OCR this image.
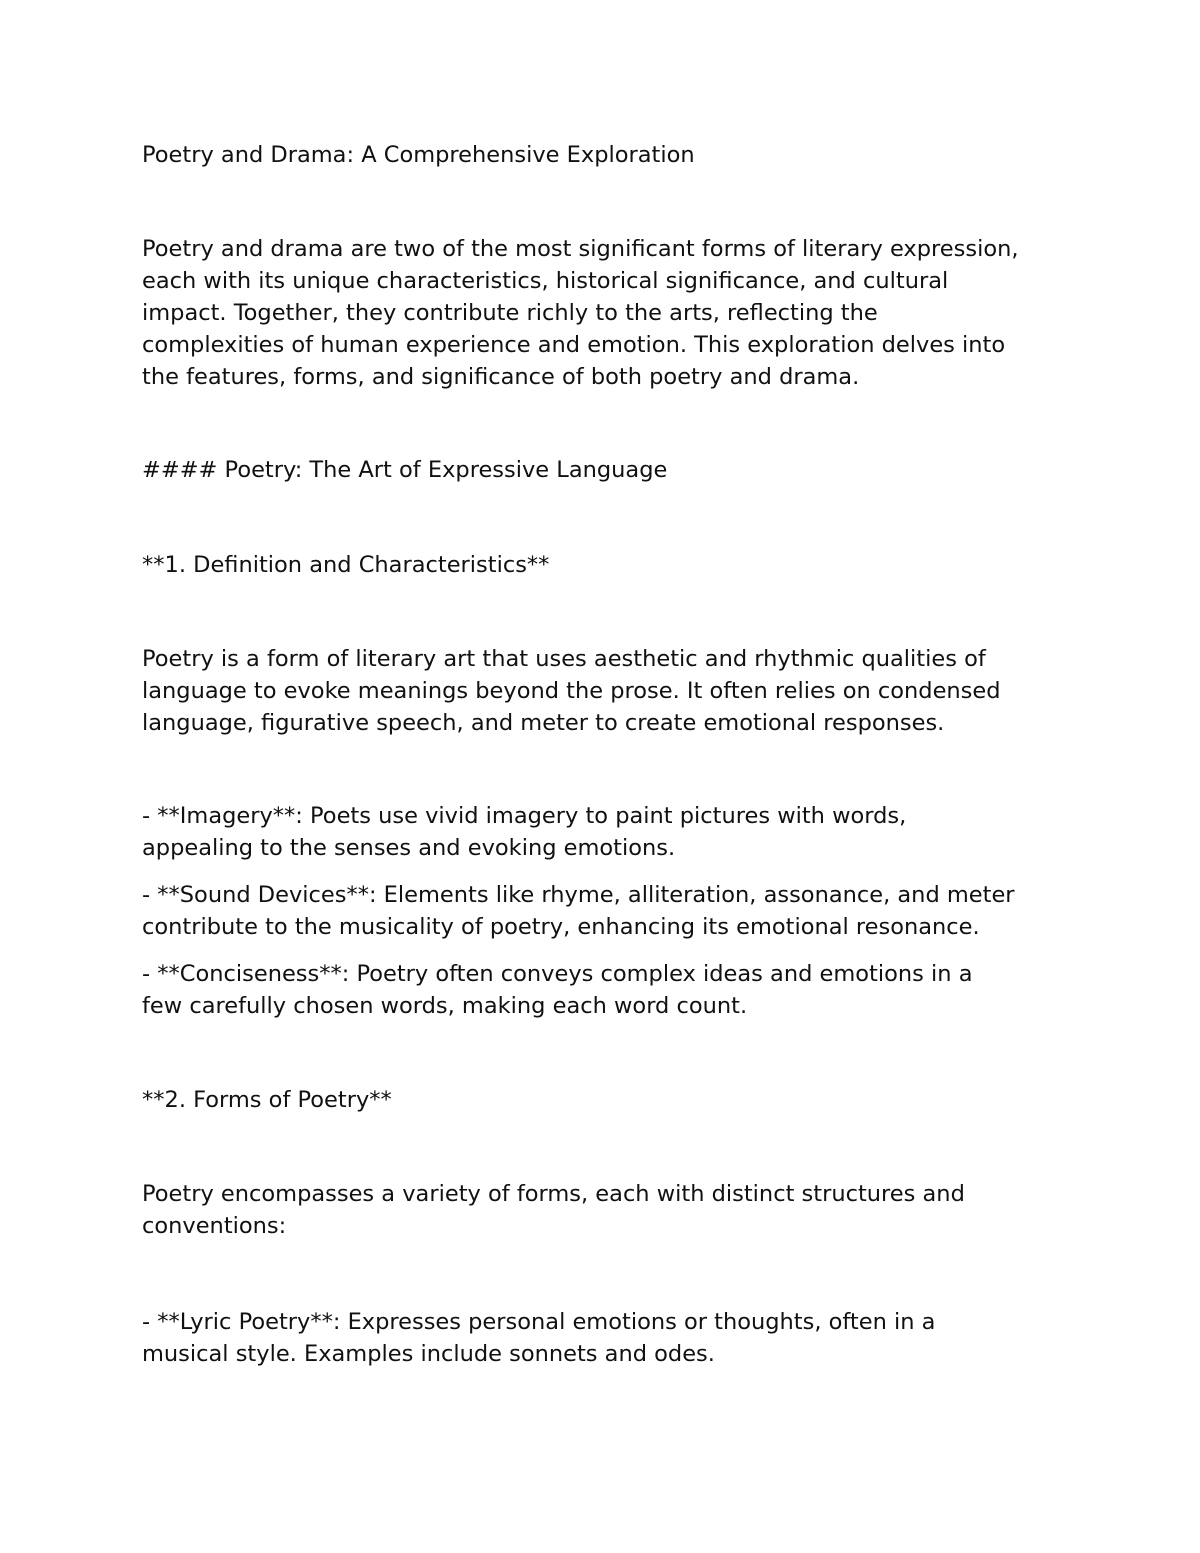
Poetry and Drama: A Comprehensive Exploration

Poetry and drama are two of the most significant forms of literary expression,
each with its unique characteristics, historical significance, and cultural
impact. Together, they contribute richly to the arts, reflecting the
complexities of human experience and emotion. This exploration delves into
the features, forms, and significance of both poetry and drama.

#### Poetry: The Art of Expressive Language

**1. Definition and Characteristics**

Poetry is a form of literary art that uses aesthetic and rhythmic qualities of
language to evoke meanings beyond the prose. It often relies on condensed
language, figurative speech, and meter to create emotional responses.

- **Imagery**: Poets use vivid imagery to paint pictures with words,
appealing to the senses and evoking emotions.

- **Sound Devices**: Elements like rhyme, alliteration, assonance, and meter
contribute to the musicality of poetry, enhancing its emotional resonance.

- **Conciseness**: Poetry often conveys complex ideas and emotions in a
few carefully chosen words, making each word count.

**2. Forms of Poetry**

Poetry encompasses a variety of forms, each with distinct structures and
conventions:

- **Lyric Poetry**: Expresses personal emotions or thoughts, often in a
musical style. Examples include sonnets and odes.
